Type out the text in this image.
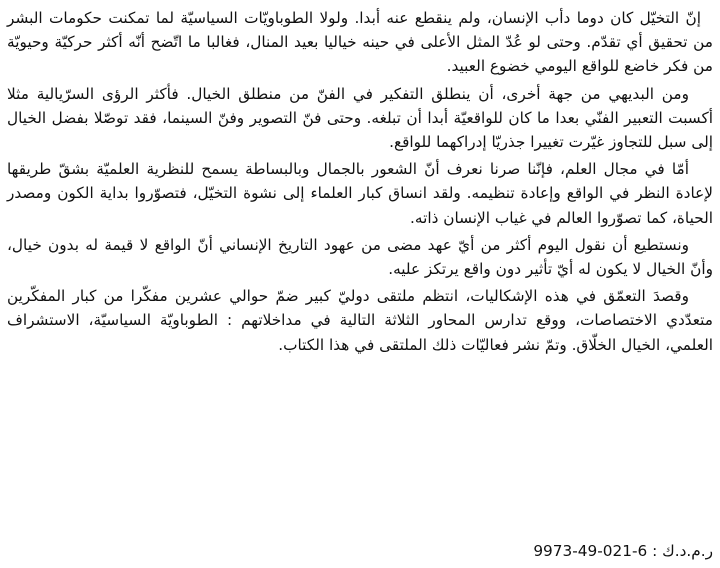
إنّ التخيّل كان دوما دأب الإنسان، ولم ينقطع عنه أبدا. ولولا الطوباويّات السياسيّة لما تمكنت حكومات البشر من تحقيق أي تقدّم. وحتى لو عُدّ المثل الأعلى في حينه خياليا بعيد المنال، فغالبا ما اتّضح أنّه أكثر حركيّة وحيويّة من فكر خاضع للواقع اليومي خضوع العبيد.

ومن البديهي من جهة أخرى، أن ينطلق التفكير في الفنّ من منطلق الخيال. فأكثر الرؤى السرّيالية مثلا أكسبت التعبير الفنّي بعدا ما كان للواقعيّة أبدا أن تبلغه. وحتى فنّ التصوير وفنّ السينما، فقد توصّلا بفضل الخيال إلى سبل للتجاوز غيّرت تغييرا جذريّا إدراكهما للواقع.

أمّا في مجال العلم، فإنّنا صرنا نعرف أنّ الشعور بالجمال وبالبساطة يسمح للنظرية العلميّة بشقّ طريقها لإعادة النظر في الواقع وإعادة تنظيمه. ولقد انساق كبار العلماء إلى نشوة التخيّل، فتصوّروا بداية الكون ومصدر الحياة، كما تصوّروا العالم في غياب الإنسان ذاته.

ونستطيع أن نقول اليوم أكثر من أيّ عهد مضى من عهود التاريخ الإنساني أنّ الواقع لا قيمة له بدون خيال، وأنّ الخيال لا يكون له أيّ تأثير دون واقع يرتكز عليه.

وقصدَ التعمّق في هذه الإشكاليات، انتظم ملتقى دوليّ كبير ضمّ حوالي عشرين مفكّرا من كبار المفكّرين متعدّدي الاختصاصات، ووقع تدارس المحاور الثلاثة التالية في مداخلاتهم : الطوباويّة السياسيّة، الاستشراف العلمي، الخيال الخلّاق. وتمّ نشر فعاليّات ذلك الملتقى في هذا الكتاب.

ر.م.د.ك : 6-021-49-9973
